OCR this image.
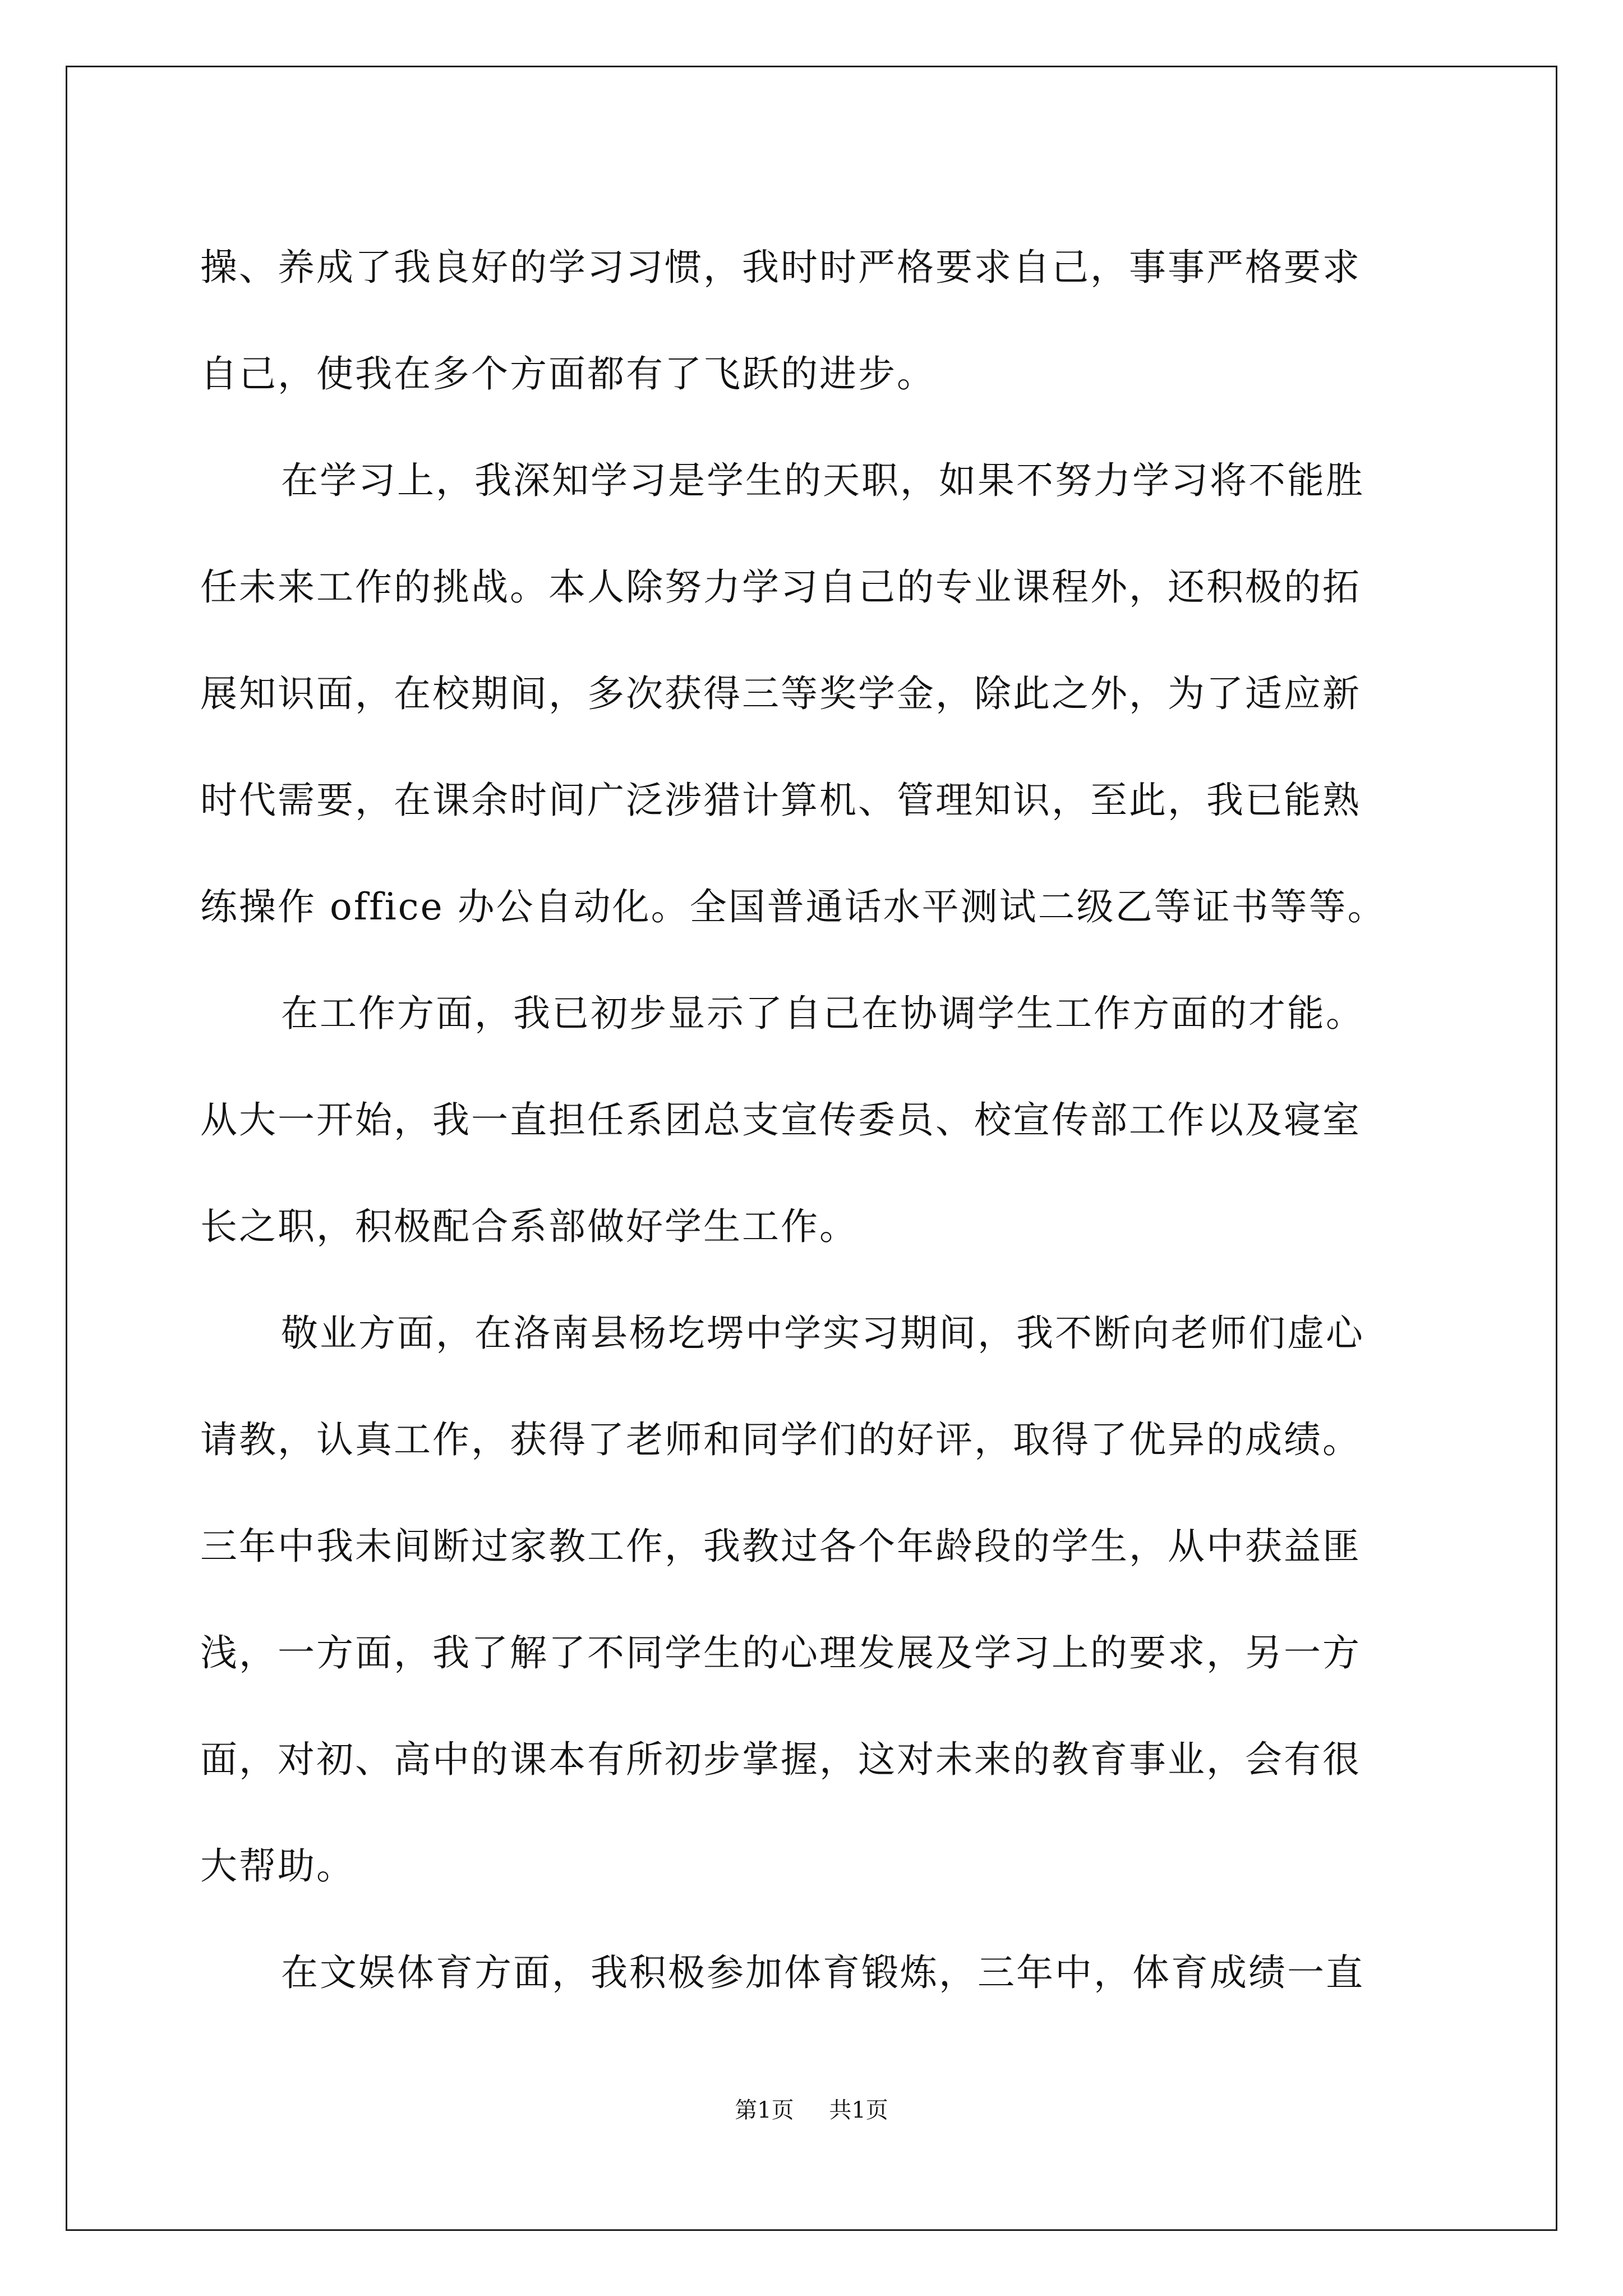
操、养成了我良好的学习习惯，我时时严格要求自己，事事严格要求
自己，使我在多个方面都有了飞跃的进步。
在学习上，我深知学习是学生的天职，如果不努力学习将不能胜
任未来工作的挑战。本人除努力学习自己的专业课程外，还积极的拓
展知识面，在校期间，多次获得三等奖学金，除此之外，为了适应新
时代需要，在课余时间广泛涉猎计算机、管理知识，至此，我已能熟
练操作 office 办公自动化。全国普通话水平测试二级乙等证书等等。
在工作方面，我已初步显示了自己在协调学生工作方面的才能。
从大一开始，我一直担任系团总支宣传委员、校宣传部工作以及寝室
长之职，积极配合系部做好学生工作。
敬业方面，在洛南县杨圪塄中学实习期间，我不断向老师们虚心
请教，认真工作，获得了老师和同学们的好评，取得了优异的成绩。
三年中我未间断过家教工作，我教过各个年龄段的学生，从中获益匪
浅，一方面，我了解了不同学生的心理发展及学习上的要求，另一方
面，对初、高中的课本有所初步掌握，这对未来的教育事业，会有很
大帮助。
在文娱体育方面，我积极参加体育锻炼，三年中，体育成绩一直
第1页 共1页
